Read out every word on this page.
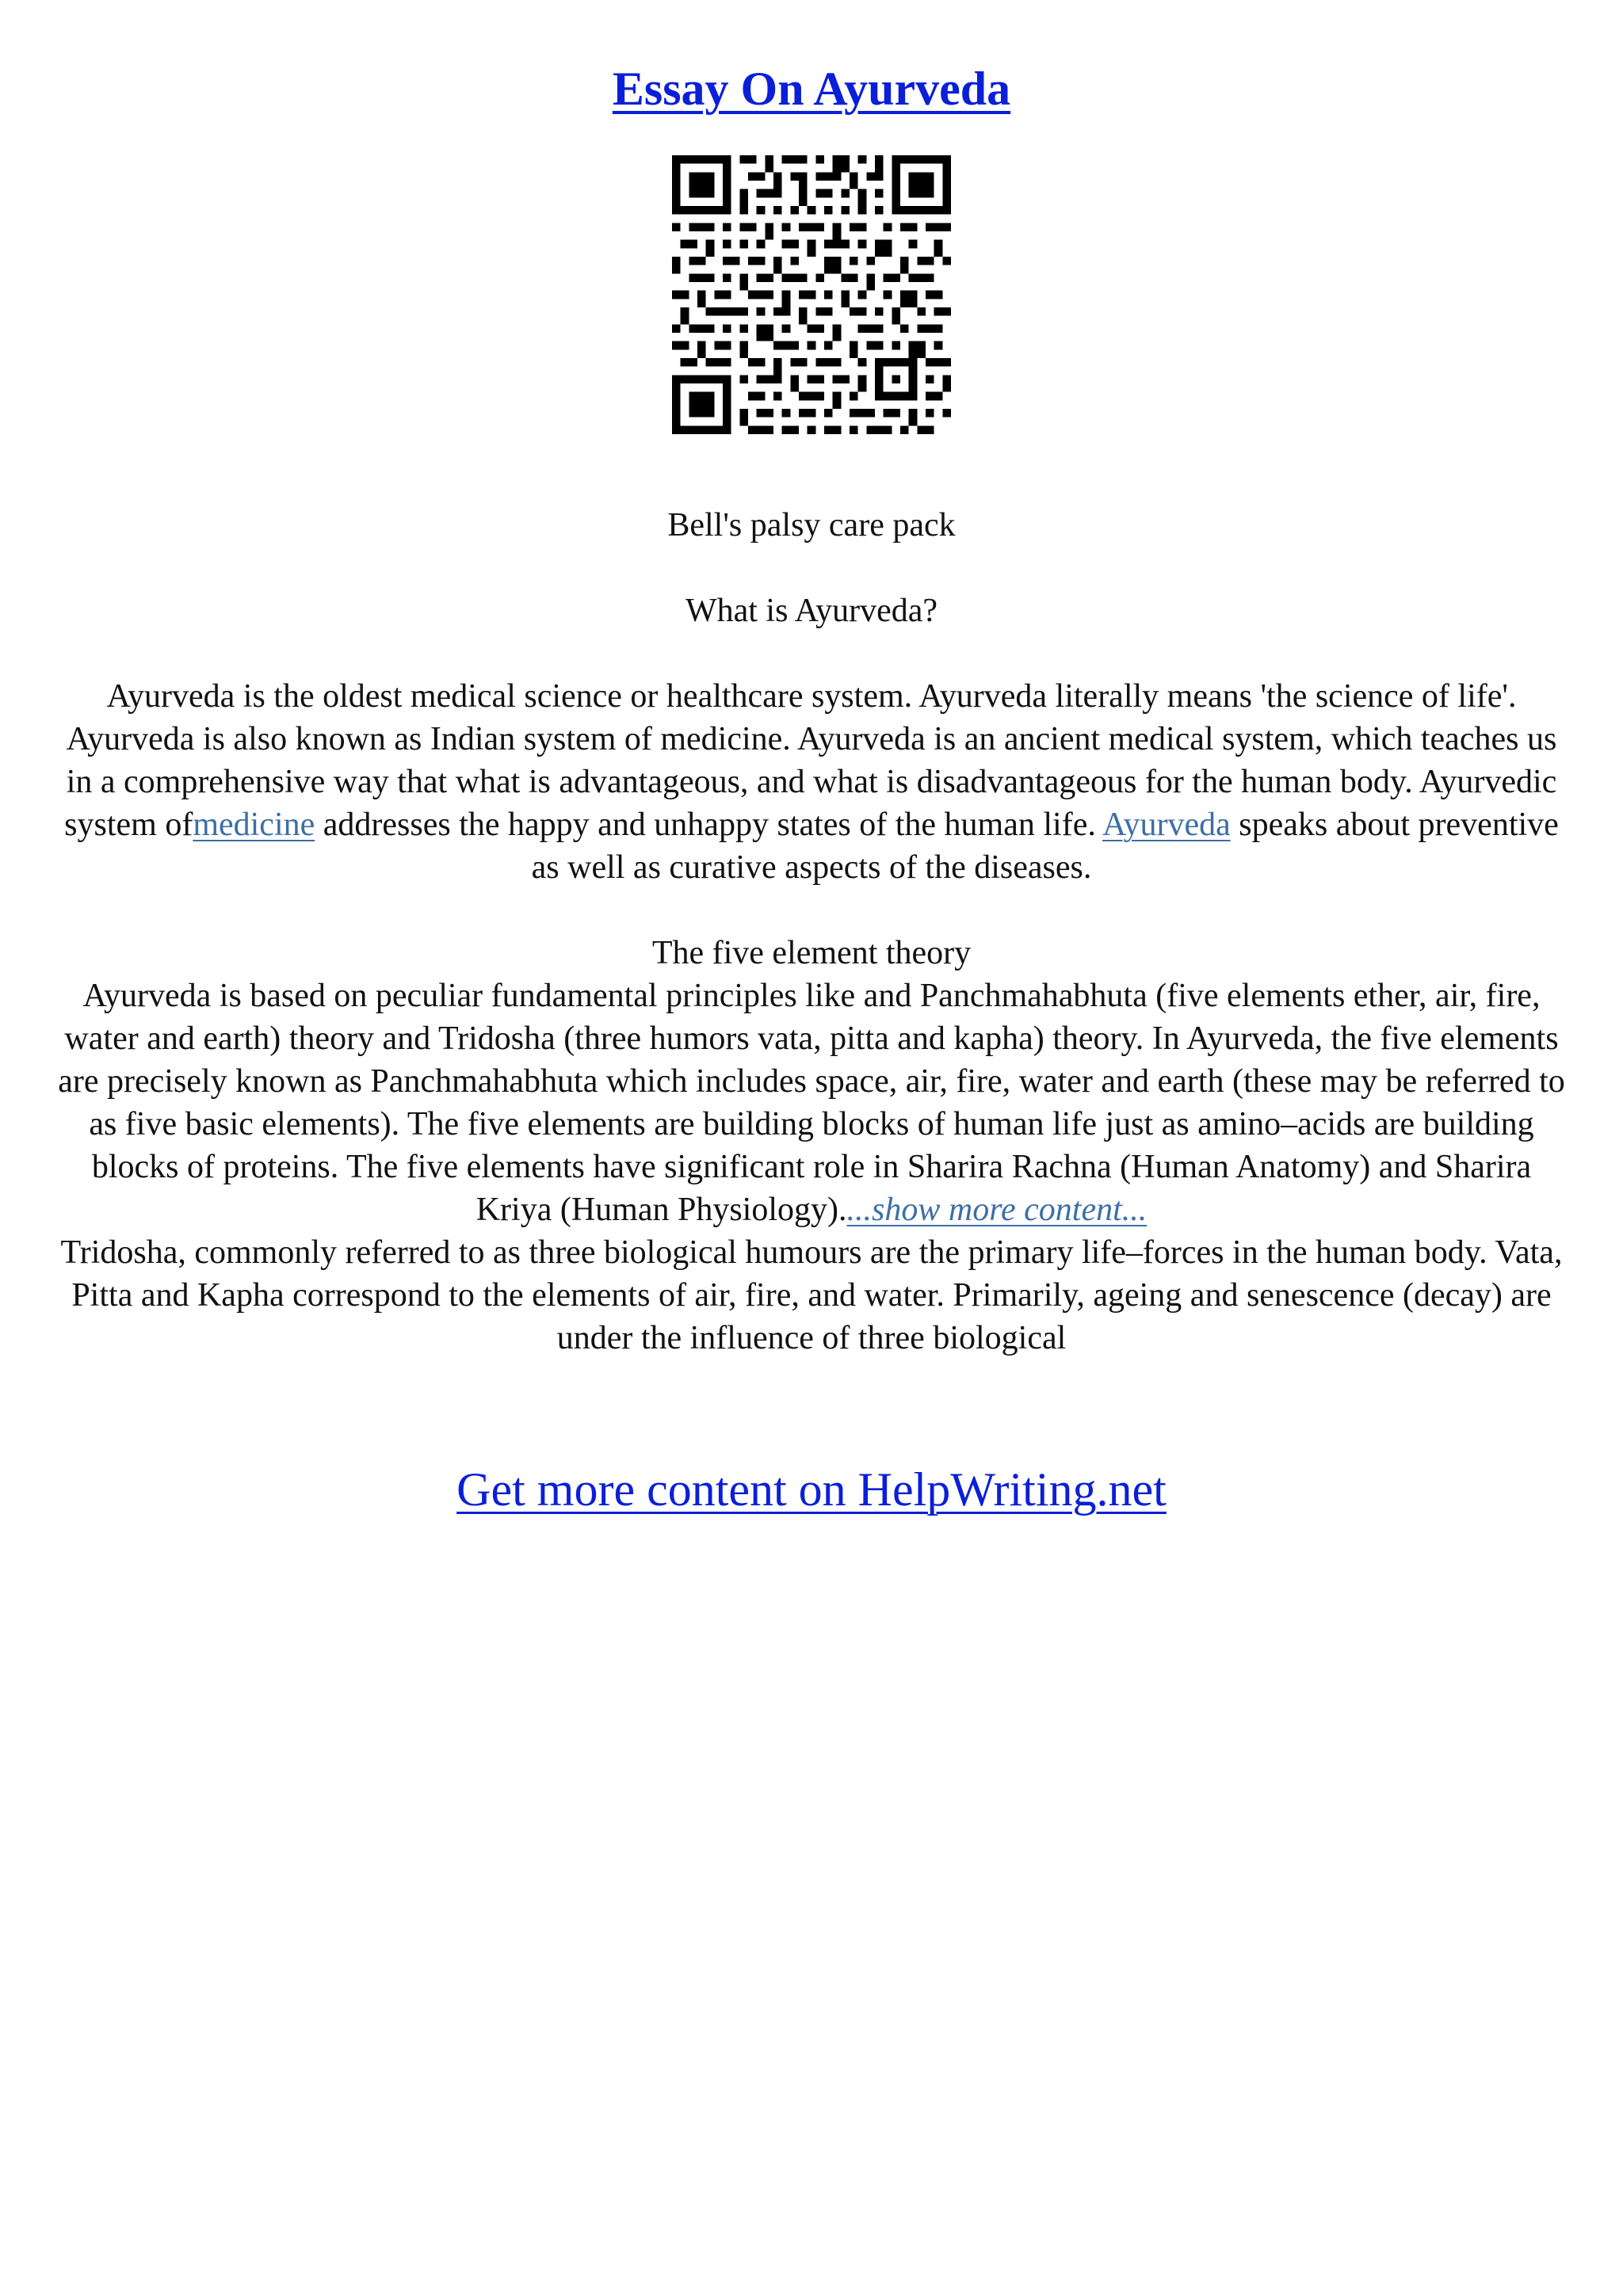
Essay On Ayurveda

Bell's palsy care pack

What is Ayurveda?

Ayurveda is the oldest medical science or healthcare system. Ayurveda literally means 'the science of life'. Ayurveda is also known as Indian system of medicine. Ayurveda is an ancient medical system, which teaches us in a comprehensive way that what is advantageous, and what is disadvantageous for the human body. Ayurvedic system ofmedicine addresses the happy and unhappy states of the human life. Ayurveda speaks about preventive as well as curative aspects of the diseases.

The five element theory

Ayurveda is based on peculiar fundamental principles like and Panchmahabhuta (five elements ether, air, fire, water and earth) theory and Tridosha (three humors vata, pitta and kapha) theory. In Ayurveda, the five elements are precisely known as Panchmahabhuta which includes space, air, fire, water and earth (these may be referred to as five basic elements). The five elements are building blocks of human life just as amino–acids are building blocks of proteins. The five elements have significant role in Sharira Rachna (Human Anatomy) and Sharira Kriya (Human Physiology)....show more content...

Tridosha, commonly referred to as three biological humours are the primary life–forces in the human body. Vata, Pitta and Kapha correspond to the elements of air, fire, and water. Primarily, ageing and senescence (decay) are under the influence of three biological

Get more content on HelpWriting.net
